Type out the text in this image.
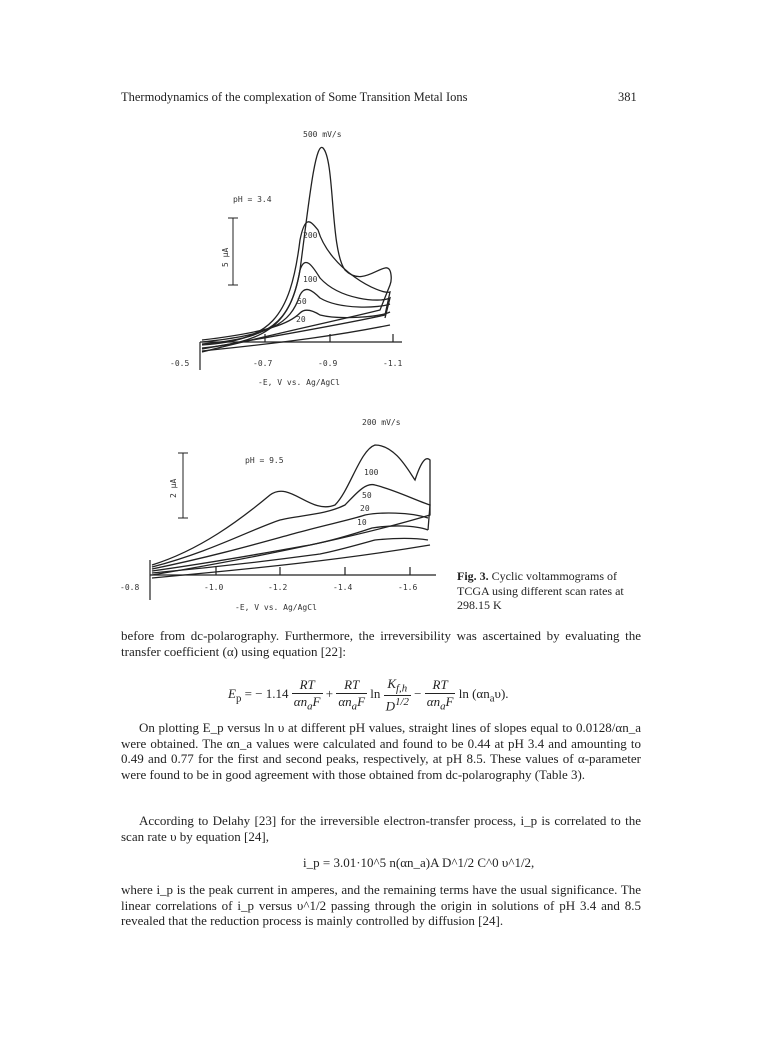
Thermodynamics of the complexation of Some Transition Metal Ions	381
500 mV/s
pH = 3.4
5 μA
-0.5	-0.7	-0.9	-1.1
-E, V vs. Ag/AgCl
200
100
50
20
200 mV/s
pH = 9.5
2 μA
-0.8	-1.0	-1.2	-1.4	-1.6
-E, V vs. Ag/AgCl
100
50
20
10
Fig. 3. Cyclic voltammograms of TCGA using different scan rates at 298.15 K
before from dc-polarography. Furthermore, the irreversibility was ascertained by evaluating the transfer coefficient (α) using equation [22]:
$E_p$ = − $1.14 \frac{RT}{\alpha n_aF} + \frac{RT}{\alpha n_aF}$ $\ln \frac{K_{f,h}}{D^{1/2}} - \frac{RT}{\alpha n_aF}$ $\ln (\alpha n_a\upsilon)$.
On plotting E_p versus ln υ at different pH values, straight lines of slopes equal to 0.0128/αn_a were obtained. The αn_a values were calculated and found to be 0.44 at pH 3.4 and amounting to 0.49 and 0.77 for the first and second peaks, respectively, at pH 8.5. These values of α-parameter were found to be in good agreement with those obtained from dc-polarography (Table 3).
According to Delahy [23] for the irreversible electron-transfer process, i_p is correlated to the scan rate υ by equation [24],
i_p = 3.01·10^5 n(αn_a)A D^1/2 C^0 υ^1/2,
where i_p is the peak current in amperes, and the remaining terms have the usual significance. The linear correlations of i_p versus υ^1/2 passing through the origin in solutions of pH 3.4 and 8.5 revealed that the reduction process is mainly controlled by diffusion [24].
